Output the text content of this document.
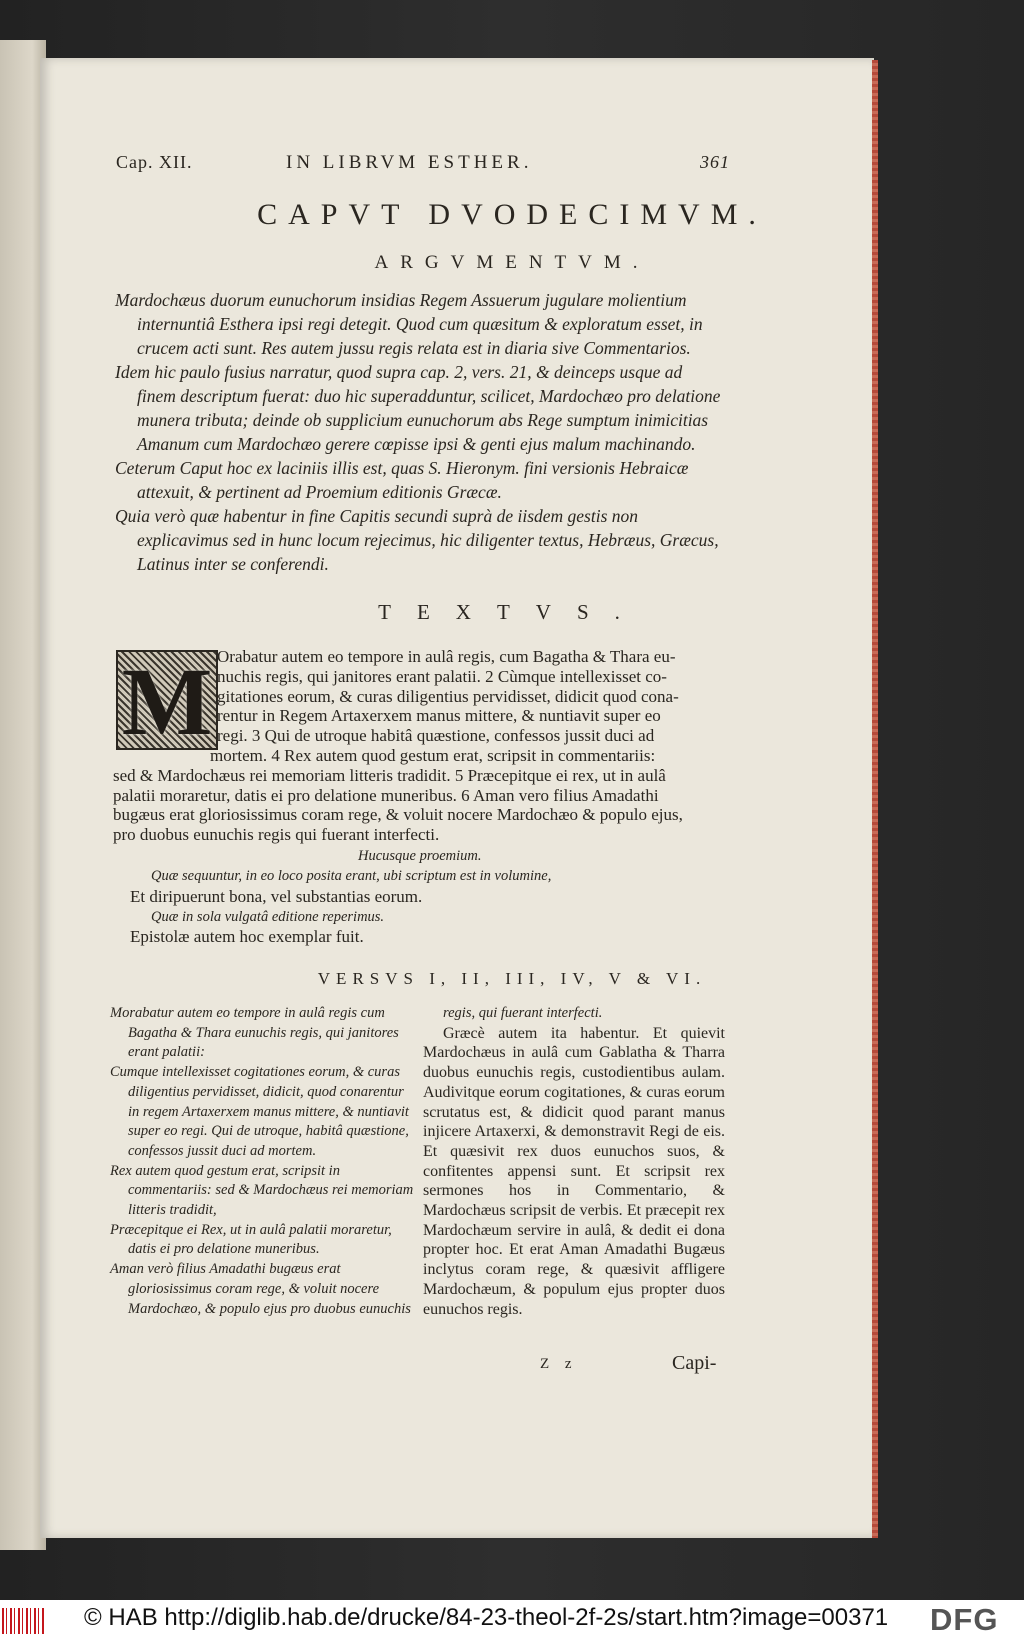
Cap. XII.	IN LIBRVM ESTHER.	361
CAPVT DVODECIMVM.
ARGVMENTVM.

Mardochæus duorum eunuchorum insidias Regem Assuerum jugulare molientium internuntiâ Esthera ipsi regi detegit. Quod cum quæsitum & exploratum esset, in crucem acti sunt. Res autem jussu regis relata est in diaria sive Commentarios.

Idem hic paulo fusius narratur, quod supra cap. 2, vers. 21, & deinceps usque ad finem descriptum fuerat: duo hic superadduntur, scilicet, Mardochæo pro delatione munera tributa; deinde ob supplicium eunuchorum abs Rege sumptum inimicitias Amanum cum Mardochæo gerere cœpisse ipsi & genti ejus malum machinando.

Ceterum Caput hoc ex laciniis illis est, quas S. Hieronym. fini versionis Hebraicæ attexuit, & pertinent ad Proemium editionis Græcæ.

Quia verò quæ habentur in fine Capitis secundi suprà de iisdem gestis non explicavimus sed in hunc locum rejecimus, hic diligenter textus, Hebræus, Græcus, Latinus inter se conferendi.

TEXTVS.
M Orabatur autem eo tempore in aulâ regis, cum Bagatha & Thara eu-
nuchis regis, qui janitores erant palatii. 2 Cùmque intellexisset co-
gitationes eorum, & curas diligentius pervidisset, didicit quod cona-
rentur in Regem Artaxerxem manus mittere, & nuntiavit super eo
regi. 3 Qui de utroque habitâ quæstione, confessos jussit duci ad
mortem. 4 Rex autem quod gestum erat, scripsit in commentariis:
sed & Mardochæus rei memoriam litteris tradidit. 5 Præcepitque ei rex, ut in aulâ
palatii moraretur, datis ei pro delatione muneribus. 6 Aman vero filius Amadathi
bugæus erat gloriosissimus coram rege, & voluit nocere Mardochæo & populo ejus,
pro duobus eunuchis regis qui fuerant interfecti.
Hucusque proemium.
Quæ sequuntur, in eo loco posita erant, ubi scriptum est in volumine,
Et diripuerunt bona, vel substantias eorum.
Quæ in sola vulgatâ editione reperimus.
Epistolæ autem hoc exemplar fuit.
VERSVS I, II, III, IV, V & VI.

Morabatur autem eo tempore in aulâ regis cum Bagatha & Thara eunuchis regis, qui janitores erant palatii:

Cumque intellexisset cogitationes eorum, & curas diligentius pervidisset, didicit, quod conarentur in regem Artaxerxem manus mittere, & nuntiavit super eo regi. Qui de utroque, habitâ quæstione, confessos jussit duci ad mortem.

Rex autem quod gestum erat, scripsit in commentariis: sed & Mardochæus rei memoriam litteris tradidit,

Præcepitque ei Rex, ut in aulâ palatii moraretur, datis ei pro delatione muneribus.

Aman verò filius Amadathi bugæus erat gloriosissimus coram rege, & voluit nocere Mardochæo, & populo ejus pro duobus eunuchis

regis, qui fuerant interfecti.

Græcè autem ita habentur. Et quievit Mardochæus in aulâ cum Gablatha & Tharra duobus eunuchis regis, custodientibus aulam. Audivitque eorum cogitationes, & curas eorum scrutatus est, & didicit quod parant manus injicere Artaxerxi, & demonstravit Regi de eis. Et quæsivit rex duos eunuchos suos, & confitentes appensi sunt. Et scripsit rex sermones hos in Commentario, & Mardochæus scripsit de verbis. Et præcepit rex Mardochæum servire in aulâ, & dedit ei dona propter hoc. Et erat Aman Amadathi Bugæus inclytus coram rege, & quæsivit affligere Mardochæum, & populum ejus propter duos eunuchos regis.

Z z	Capi-
© HAB http://diglib.hab.de/drucke/84-23-theol-2f-2s/start.htm?image=00371 DFG
